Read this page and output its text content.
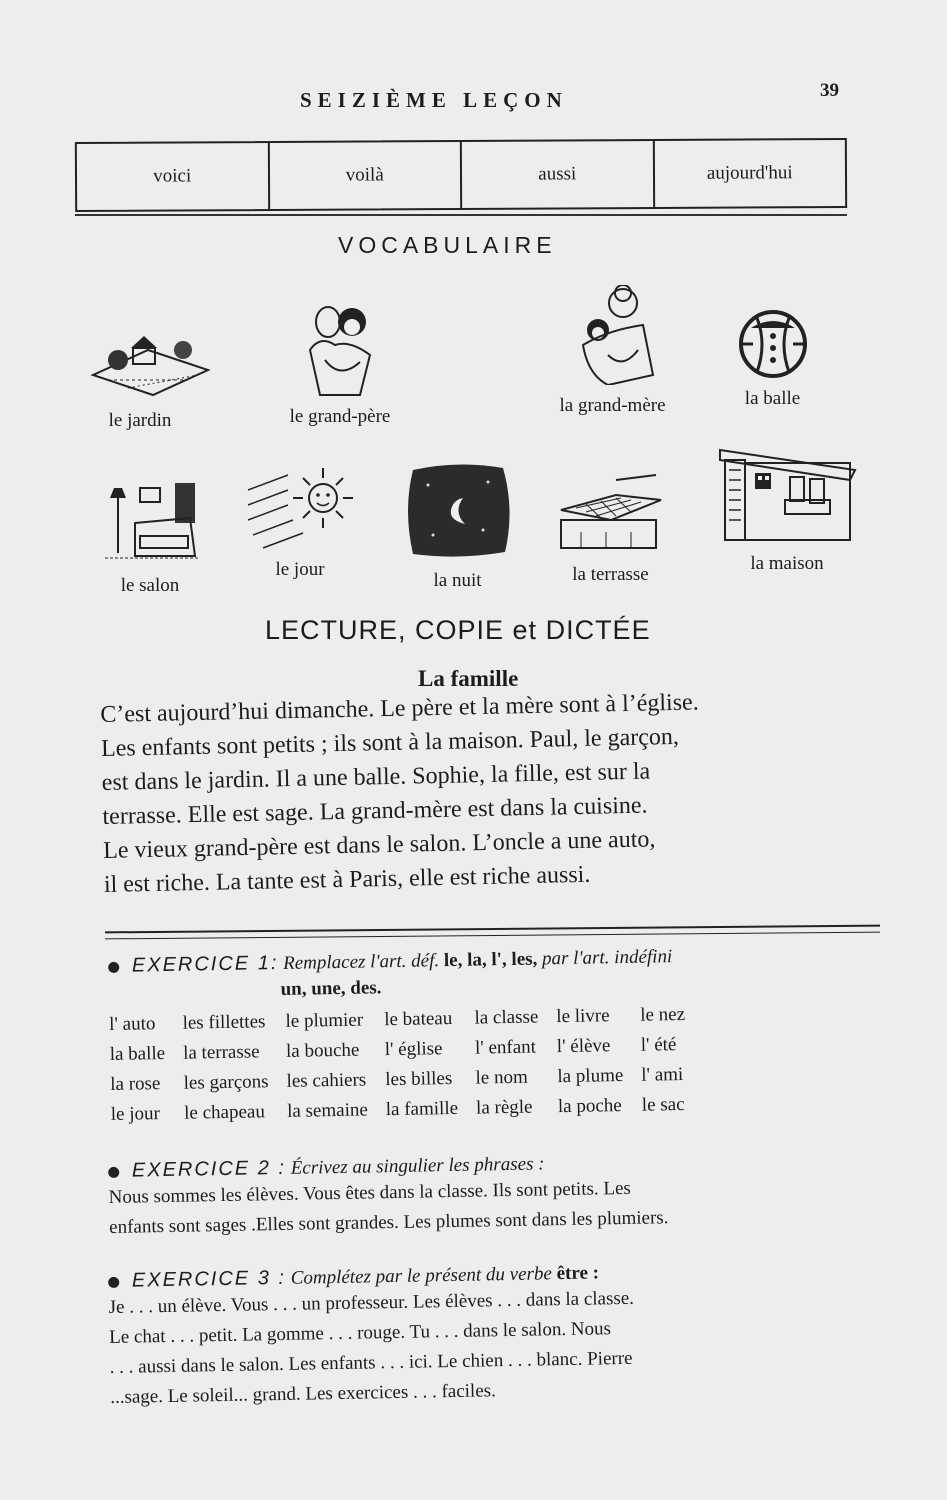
SEIZIÈME LEÇON	39
voici	voilà	aussi	aujourd'hui
VOCABULAIRE
le jardin	le grand-père
la grand-mère	la balle
le salon
le jour
la nuit	la terrasse
la maison
LECTURE, COPIE et DICTÉE
La famille
C’est aujourd’hui dimanche. Le père et la mère sont à l’église.
Les enfants sont petits ; ils sont à la maison. Paul, le garçon,
est dans le jardin. Il a une balle. Sophie, la fille, est sur la
terrasse. Elle est sage. La grand-mère est dans la cuisine.
Le vieux grand-père est dans le salon. L’oncle a une auto,
il est riche. La tante est à Paris, elle est riche aussi.
EXERCICE 1: Remplacez l'art. déf. le, la, l', les, par l'art. indéfini
un, une, des.
l' auto	les fillettes	le plumier	le bateau	la classe	le livre	le nez
la balle	la terrasse	la bouche	l' église	l' enfant	l' élève	l' été
la rose	les garçons	les cahiers	les billes	le nom	la plume	l' ami
le jour	le chapeau	la semaine	la famille	la règle	la poche	le sac
EXERCICE 2 : Écrivez au singulier les phrases :
Nous sommes les élèves. Vous êtes dans la classe. Ils sont petits. Les
enfants sont sages .Elles sont grandes. Les plumes sont dans les plumiers.
EXERCICE 3 : Complétez par le présent du verbe être :
Je . . . un élève. Vous . . . un professeur. Les élèves . . . dans la classe.
Le chat . . . petit. La gomme . . . rouge. Tu . . . dans le salon. Nous
. . . aussi dans le salon. Les enfants . . . ici. Le chien . . . blanc. Pierre
...sage. Le soleil... grand. Les exercices . . . faciles.
